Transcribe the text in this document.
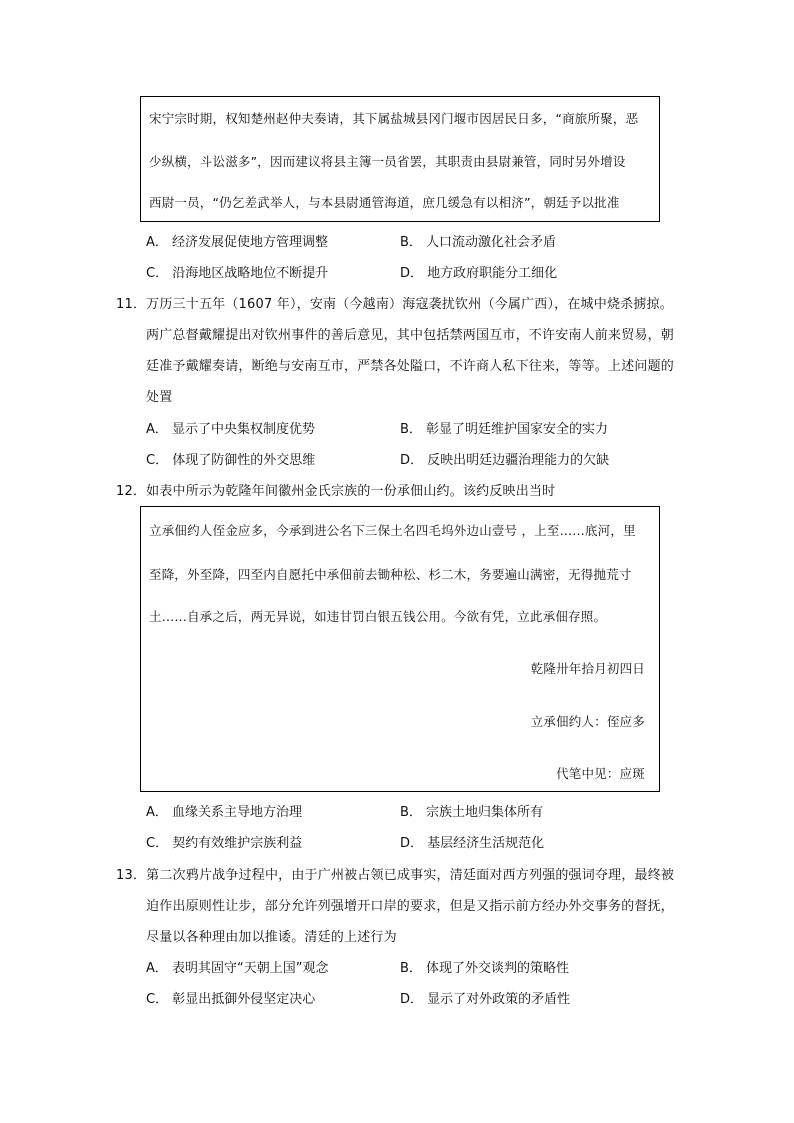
宋宁宗时期，权知楚州赵仲夫奏请，其下属盐城县冈门堰市因居民日多，“商旅所聚，恶
少纵横，斗讼滋多”，因而建议将县主簿一员省罢，其职责由县尉兼管，同时另外增设
西尉一员，“仍乞差武举人，与本县尉通管海道，庶几缓急有以相济”，朝廷予以批准
A． 经济发展促使地方管理调整	B． 人口流动激化社会矛盾
C． 沿海地区战略地位不断提升	D． 地方政府职能分工细化
11．万历三十五年（1607 年），安南（今越南）海寇袭扰钦州（今属广西），在城中烧杀掳掠。
两广总督戴耀提出对钦州事件的善后意见，其中包括禁两国互市，不许安南人前来贸易，朝
廷准予戴耀奏请，断绝与安南互市，严禁各处隘口，不许商人私下往来，等等。上述问题的
处置
A． 显示了中央集权制度优势	B． 彰显了明廷维护国家安全的实力
C． 体现了防御性的外交思维	D． 反映出明廷边疆治理能力的欠缺
12．如表中所示为乾隆年间徽州金氏宗族的一份承佃山约。该约反映出当时
立承佃约人侄金应多，今承到进公名下三保土名四毛坞外边山壹号 ，上至……底河，里
至降，外至降，四至内自愿托中承佃前去锄种松、杉二木，务要遍山满密，无得抛荒寸
土……自承之后，两无异说，如违甘罚白银五钱公用。今欲有凭，立此承佃存照。
乾隆卅年拾月初四日
立承佃约人：侄应多
代笔中见：应斑
A． 血缘关系主导地方治理	B． 宗族土地归集体所有
C． 契约有效维护宗族利益	D． 基层经济生活规范化
13．第二次鸦片战争过程中，由于广州被占领已成事实，清廷面对西方列强的强词夺理，最终被
迫作出原则性让步，部分允许列强增开口岸的要求，但是又指示前方经办外交事务的督抚，
尽量以各种理由加以推诿。清廷的上述行为
A． 表明其固守“天朝上国”观念	B． 体现了外交谈判的策略性
C． 彰显出抵御外侵坚定决心	D． 显示了对外政策的矛盾性
